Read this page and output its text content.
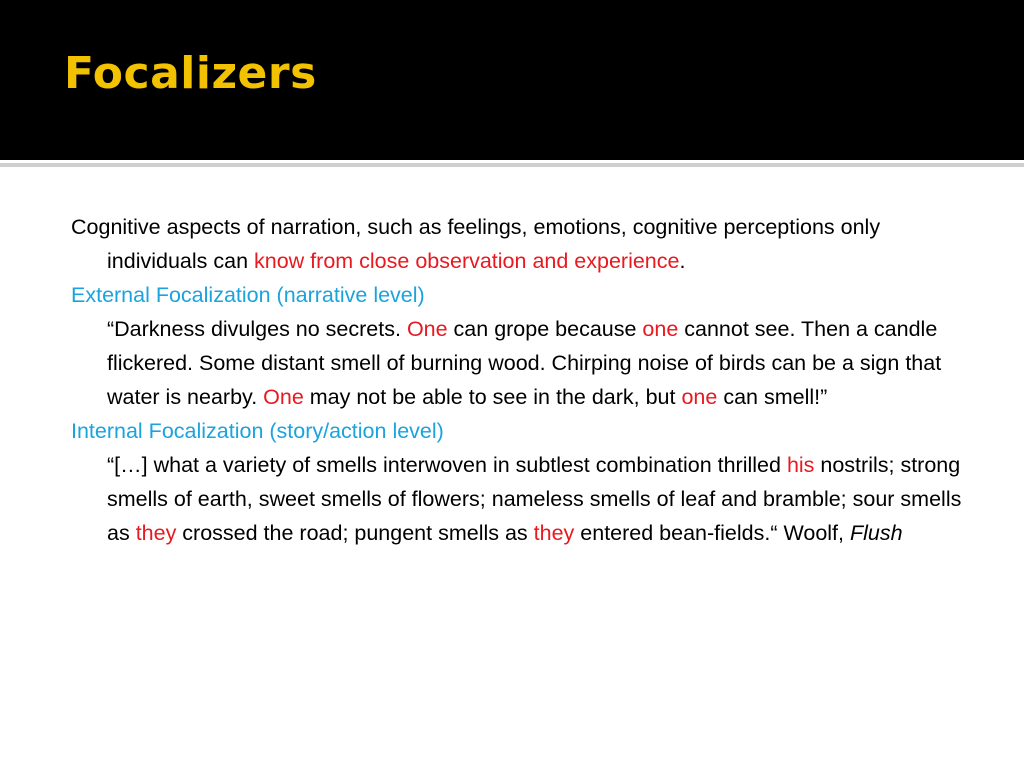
Focalizers

Cognitive aspects of narration, such as feelings, emotions, cognitive perceptions only individuals can know from close observation and experience.

External Focalization (narrative level)

“Darkness divulges no secrets. One can grope because one cannot see. Then a candle flickered. Some distant smell of burning wood. Chirping noise of birds can be a sign that water is nearby. One may not be able to see in the dark, but one can smell!”

Internal Focalization (story/action level)

“[…] what a variety of smells interwoven in subtlest combination thrilled his nostrils; strong smells of earth, sweet smells of flowers; nameless smells of leaf and bramble; sour smells as they crossed the road; pungent smells as they entered bean-fields.“ Woolf, Flush
